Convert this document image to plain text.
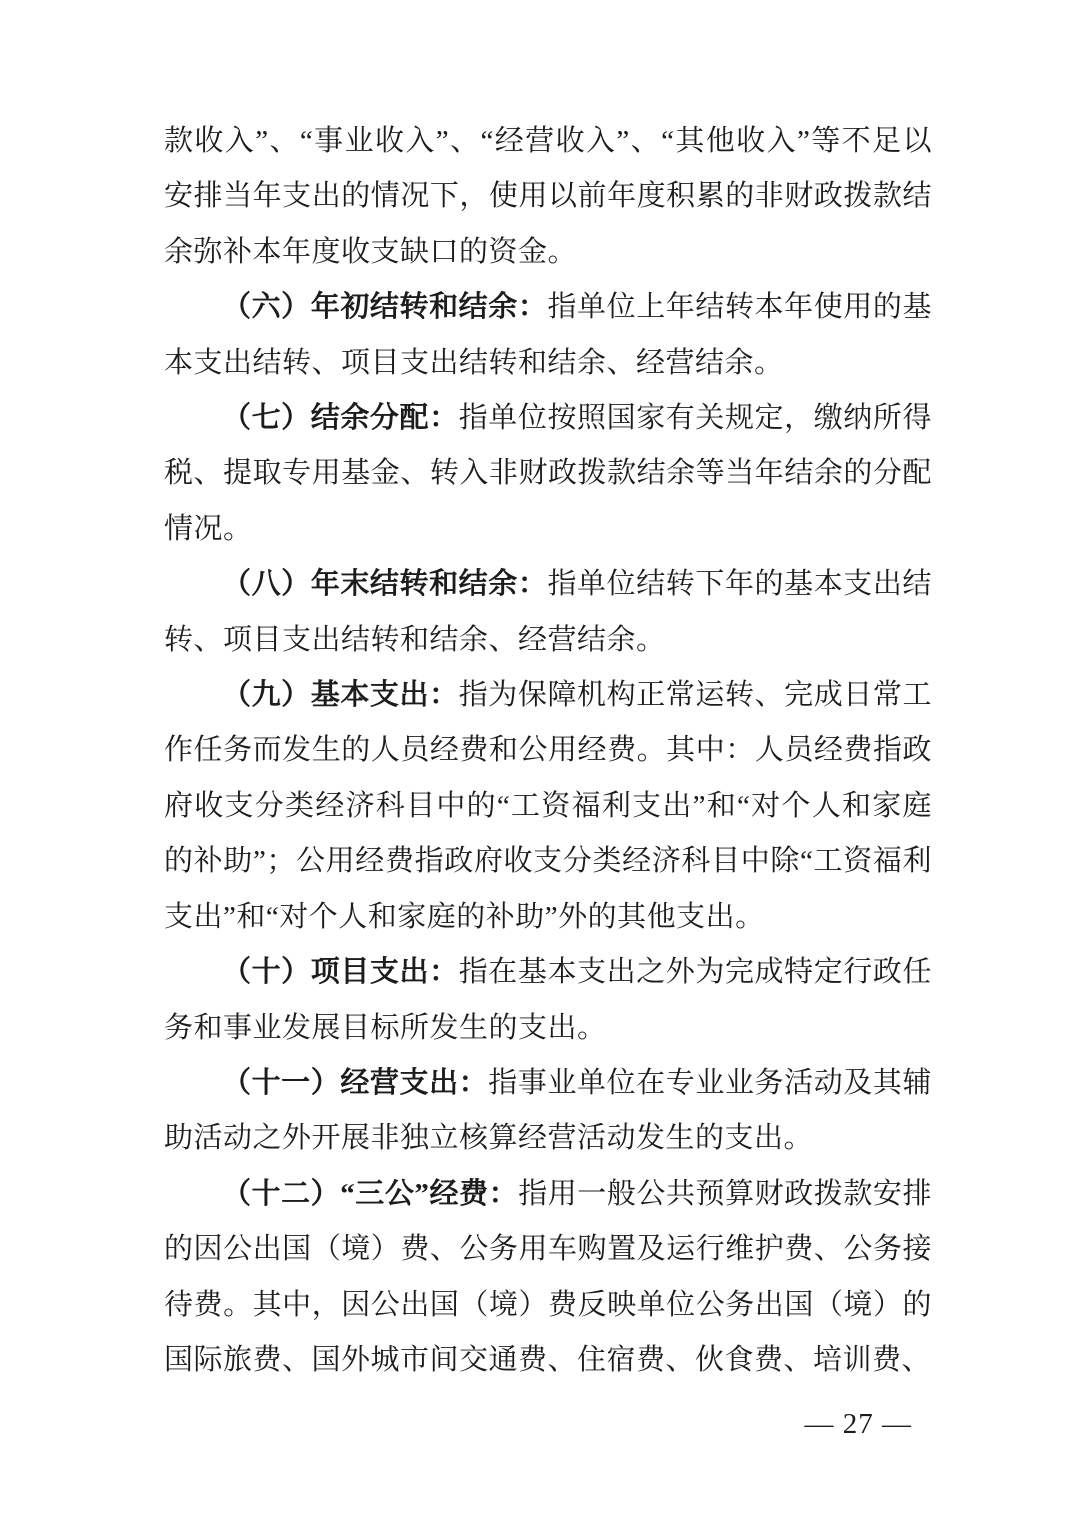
款收入”、“事业收入”、“经营收入”、“其他收入”等不足以安排当年支出的情况下，使用以前年度积累的非财政拨款结余弥补本年度收支缺口的资金。

（六）年初结转和结余：指单位上年结转本年使用的基本支出结转、项目支出结转和结余、经营结余。

（七）结余分配：指单位按照国家有关规定，缴纳所得税、提取专用基金、转入非财政拨款结余等当年结余的分配情况。

（八）年末结转和结余：指单位结转下年的基本支出结转、项目支出结转和结余、经营结余。

（九）基本支出：指为保障机构正常运转、完成日常工作任务而发生的人员经费和公用经费。其中：人员经费指政府收支分类经济科目中的“工资福利支出”和“对个人和家庭的补助”；公用经费指政府收支分类经济科目中除“工资福利支出”和“对个人和家庭的补助”外的其他支出。

（十）项目支出：指在基本支出之外为完成特定行政任务和事业发展目标所发生的支出。

（十一）经营支出：指事业单位在专业业务活动及其辅助活动之外开展非独立核算经营活动发生的支出。

（十二）“三公”经费：指用一般公共预算财政拨款安排的因公出国（境）费、公务用车购置及运行维护费、公务接待费。其中，因公出国（境）费反映单位公务出国（境）的国际旅费、国外城市间交通费、住宿费、伙食费、培训费、

— 27 —
